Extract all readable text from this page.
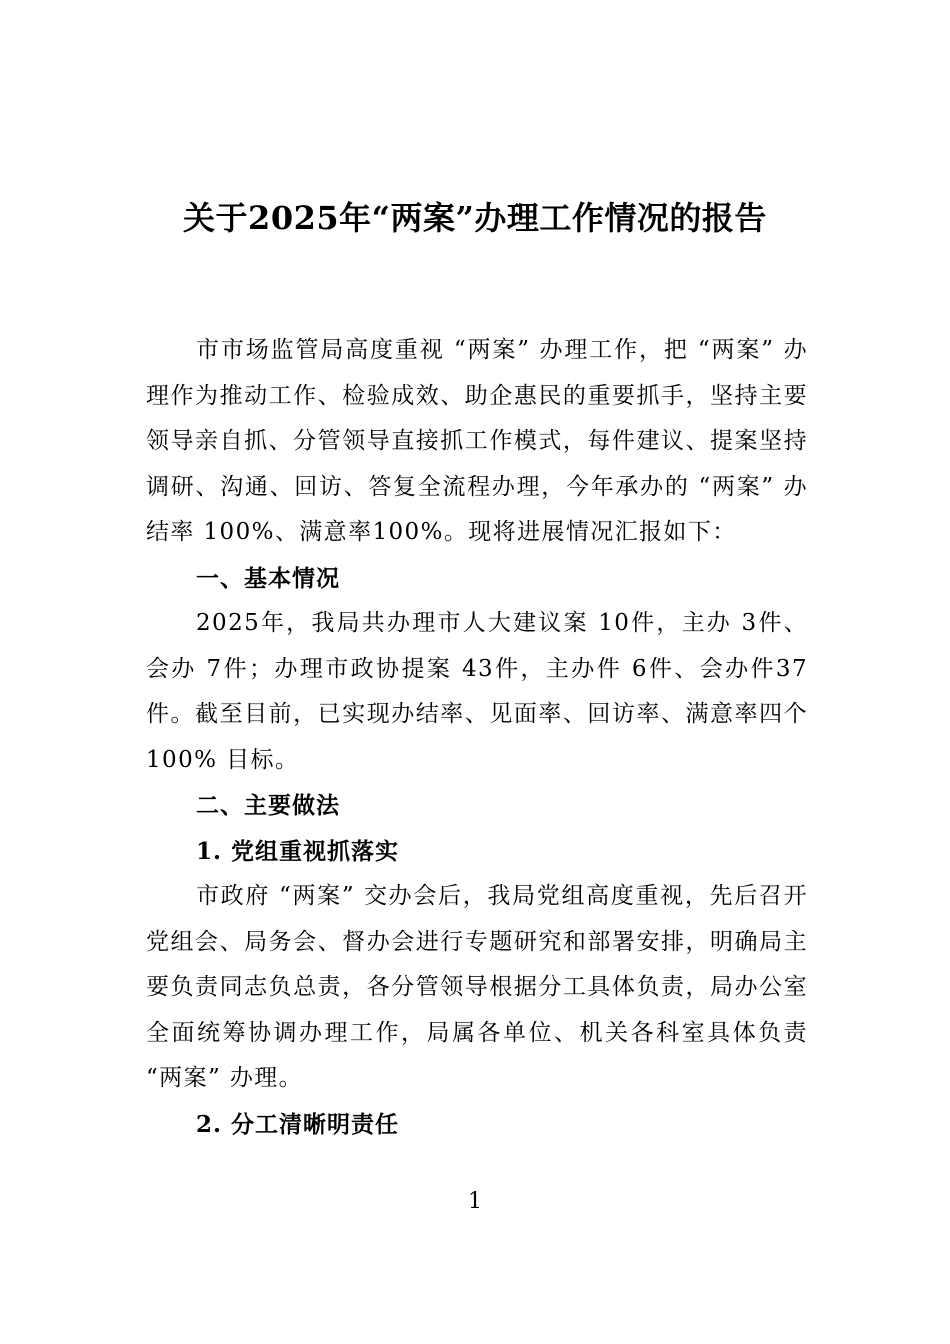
关于2025年“两案”办理工作情况的报告

市市场监管局高度重视 “两案” 办理工作，把 “两案” 办理作为推动工作、检验成效、助企惠民的重要抓手，坚持主要领导亲自抓、分管领导直接抓工作模式，每件建议、提案坚持调研、沟通、回访、答复全流程办理，今年承办的 “两案” 办结率 100%、满意率100%。现将进展情况汇报如下：

一、基本情况

2025年，我局共办理市人大建议案 10件，主办 3件、会办 7件；办理市政协提案 43件，主办件 6件、会办件37件。截至目前，已实现办结率、见面率、回访率、满意率四个100% 目标。

二、主要做法

1. 党组重视抓落实

市政府 “两案” 交办会后，我局党组高度重视，先后召开党组会、局务会、督办会进行专题研究和部署安排，明确局主要负责同志负总责，各分管领导根据分工具体负责，局办公室全面统筹协调办理工作，局属各单位、机关各科室具体负责 “两案” 办理。

2. 分工清晰明责任

1
